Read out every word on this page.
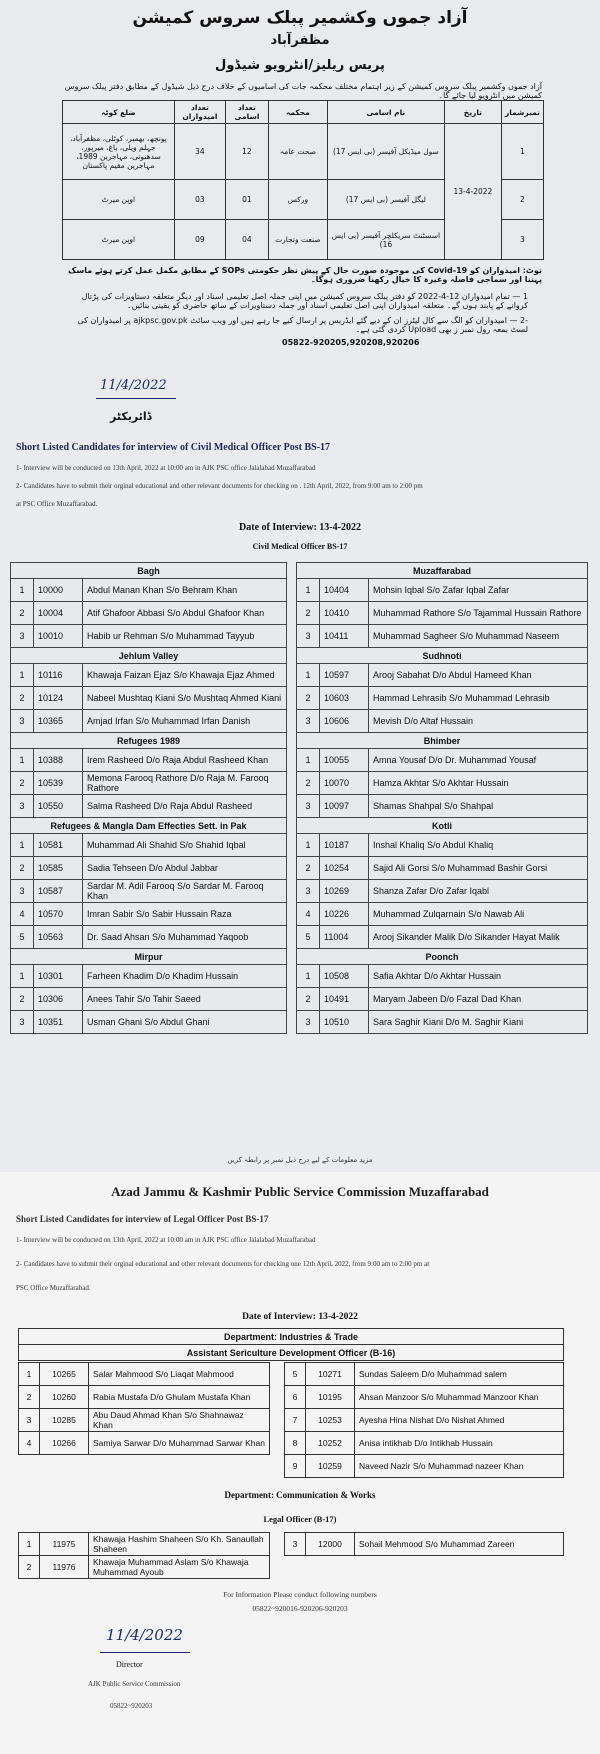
آزاد جموں وکشمیر پبلک سروس کمیشن
مظفرآباد
پریس ریلیز/انٹرویو شیڈول
آزاد جموں وکشمیر پبلک سروس کمیشن کے زیر اہتمام مختلف محکمہ جات کی اسامیوں کے خلاف درج ذیل شیڈول کے مطابق دفتر پبلک سروس کمیشن میں انٹرویو لیا جائے گا۔
نمبرشمار	تاریخ	نام اسامی	محکمہ	تعداد اسامی	تعداد امیدواران	ضلع کوٹہ
1	13-4-2022	سول میڈیکل آفیسر (بی ایس 17)	صحت عامہ	12	34	پونچھ، بھمبر، کوٹلی، مظفرآباد، جہلم ویلی، باغ، میرپور، سدھنوتی، مہاجرین 1989، مہاجرین مقیم پاکستان
2		لیگل آفیسر (بی ایس 17)	ورکس	01	03	اوپن میرٹ
3		اسسٹنٹ سریکلچر آفیسر (بی ایس 16)	صنعت وتجارت	04	09	اوپن میرٹ

نوٹ: امیدواران کو Covid-19 کی موجودہ صورت حال کے پیش نظر حکومتی SOPs کے مطابق مکمل عمل کرتے ہوئے ماسک پہننا اور سماجی فاصلہ وغیرہ کا خیال رکھنا ضروری ہوگا۔

1 — تمام امیدواران 12-4-2022 کو دفتر پبلک سروس کمیشن میں اپنی جملہ اصل تعلیمی اسناد اور دیگر متعلقہ دستاویزات کی پڑتال کروانے کے پابند ہوں گے۔ متعلقہ امیدواران اپنی اصل تعلیمی اسناد اور جملہ دستاویزات کے ساتھ حاضری کو یقینی بنائیں۔

-2 — امیدواران کو الگ سے کال لیٹرز ان کے دیے گئے ایڈریس پر ارسال کیے جا رہے ہیں اور ویب سائٹ ajkpsc.gov.pk پر امیدواران کی لسٹ بمعہ رول نمبر ز بھی Upload کردی گئی ہے۔

05822-920205,920208,920206

11/4/2022
ڈائریکٹر
Short Listed Candidates for interview of Civil Medical Officer Post BS-17
1- Interview will be conducted on 13th April, 2022 at 10:00 am in AJK PSC office Jalalabad Muzaffarabad
2- Candidates have to submit their orginal educational and other relevant documents for checking on . 12th April, 2022, from 9:00 am to 2:00 pm
at PSC Office Muzaffarabad.
Date of Interview: 13-4-2022
Civil Medical Officer BS-17
Bagh		
1	10000	Abdul Manan Khan S/o Behram Khan
2	10004	Atif Ghafoor Abbasi S/o Abdul Ghafoor Khan
3	10010	Habib ur Rehman S/o Muhammad Tayyub
Jehlum Valley		
1	10116	Khawaja Faizan Ejaz S/o Khawaja Ejaz Ahmed
2	10124	Nabeel Mushtaq Kiani S/o Mushtaq Ahmed Kiani
3	10365	Amjad Irfan S/o Muhammad Irfan Danish
Refugees 1989		
1	10388	Irem Rasheed D/o Raja Abdul Rasheed Khan
2	10539	Memona Farooq Rathore D/o Raja M. Farooq Rathore
3	10550	Salma Rasheed D/o Raja Abdul Rasheed
Refugees & Mangla Dam Effecties Sett. in Pak		
1	10581	Muhammad Ali Shahid S/o Shahid Iqbal
2	10585	Sadia Tehseen D/o Abdul Jabbar
3	10587	Sardar M. Adil Farooq S/o Sardar M. Farooq Khan
4	10570	Imran Sabir S/o Sabir Hussain Raza
5	10563	Dr. Saad Ahsan S/o Muhammad Yaqoob
Mirpur		
1	10301	Farheen Khadim D/o Khadim Hussain
2	10306	Anees Tahir S/o Tahir Saeed
3	10351	Usman Ghani S/o Abdul Ghani
Muzaffarabad		
1	10404	Mohsin Iqbal S/o Zafar Iqbal Zafar
2	10410	Muhammad Rathore S/o Tajammal Hussain Rathore
3	10411	Muhammad Sagheer S/o Muhammad Naseem
Sudhnoti		
1	10597	Arooj Sabahat D/o Abdul Hameed Khan
2	10603	Hammad Lehrasib S/o Muhammad Lehrasib
3	10606	Mevish D/o Altaf Hussain
Bhimber		
1	10055	Amna Yousaf D/o Dr. Muhammad Yousaf
2	10070	Hamza Akhtar S/o Akhtar Hussain
3	10097	Shamas Shahpal S/o Shahpal
Kotli		
1	10187	Inshal Khaliq S/o Abdul Khaliq
2	10254	Sajid Ali Gorsi S/o Muhammad Bashir Gorsi
3	10269	Shanza Zafar D/o Zafar Iqabl
4	10226	Muhammad Zulqarnain S/o Nawab Ali
5	11004	Arooj Sikander Malik D/o Sikander Hayat Malik
Poonch		
1	10508	Safia Akhtar D/o Akhtar Hussain
2	10491	Maryam Jabeen D/o Fazal Dad Khan
3	10510	Sara Saghir Kiani D/o M. Saghir Kiani
مزید معلومات کے لیے درج ذیل نمبر پر رابطہ کریں
Azad Jammu & Kashmir Public Service Commission Muzaffarabad
Short Listed Candidates for interview of Legal Officer Post BS-17
1- Interview will be conducted on 13th April, 2022 at 10:00 am in AJK PSC office Jalalabad Muzaffarabad
2- Candidates have to submit their orginal educational and other relevant documents for checking one 12th April, 2022, from 9:00 am to 2:00 pm at
PSC Office Muzaffarabad.
Date of Interview: 13-4-2022
Department: Industries & Trade
Assistant Sericulture Development Officer (B-16)
1	10265	Salar Mahmood S/o Liaqat Mahmood
2	10260	Rabia Mustafa D/o Ghulam Mustafa Khan
3	10285	Abu Daud Ahmad Khan S/o Shahnawaz Khan
4	10266	Samiya Sarwar D/o Muhammad Sarwar Khan
5	10271	Sundas Saleem D/o Muhammad salem
6	10195	Ahsan Manzoor S/o Muhammad Manzoor Khan
7	10253	Ayesha Hina Nishat D/o Nishat Ahmed
8	10252	Anisa intikhab D/o Intikhab Hussain
9	10259	Naveed Nazir S/o Muhammad nazeer Khan
Department: Communication & Works
Legal Officer (B-17)
1	11975	Khawaja Hashim Shaheen S/o Kh. Sanaullah Shaheen
2	11976	Khawaja Muhammad Aslam S/o Khawaja Muhammad Ayoub
3	12000	Sohail Mehmood S/o Muhammad Zareen
For Information Please conduct following numbers
05822~920016-920206-920203
11/4/2022
Director
AJK Public Service Commission
05822~920203
